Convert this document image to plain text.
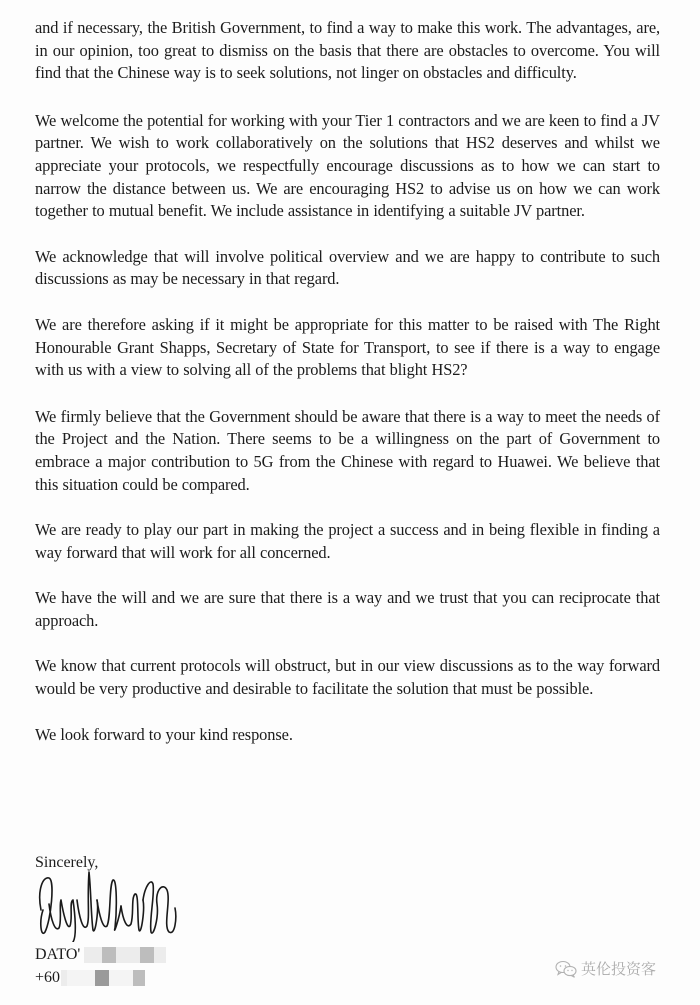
and if necessary, the British Government, to find a way to make this work. The advantages, are, in our opinion, too great to dismiss on the basis that there are obstacles to overcome. You will find that the Chinese way is to seek solutions, not linger on obstacles and difficulty.

We welcome the potential for working with your Tier 1 contractors and we are keen to find a JV partner. We wish to work collaboratively on the solutions that HS2 deserves and whilst we appreciate your protocols, we respectfully encourage discussions as to how we can start to narrow the distance between us. We are encouraging HS2 to advise us on how we can work together to mutual benefit. We include assistance in identifying a suitable JV partner.

We acknowledge that will involve political overview and we are happy to contribute to such discussions as may be necessary in that regard.

We are therefore asking if it might be appropriate for this matter to be raised with The Right Honourable Grant Shapps, Secretary of State for Transport, to see if there is a way to engage with us with a view to solving all of the problems that blight HS2?

We firmly believe that the Government should be aware that there is a way to meet the needs of the Project and the Nation. There seems to be a willingness on the part of Government to embrace a major contribution to 5G from the Chinese with regard to Huawei. We believe that this situation could be compared.

We are ready to play our part in making the project a success and in being flexible in finding a way forward that will work for all concerned.

We have the will and we are sure that there is a way and we trust that you can reciprocate that approach.

We know that current protocols will obstruct, but in our view discussions as to the way forward would be very productive and desirable to facilitate the solution that must be possible.

We look forward to your kind response.

Sincerely,
DATO'
+60	英伦投资客
